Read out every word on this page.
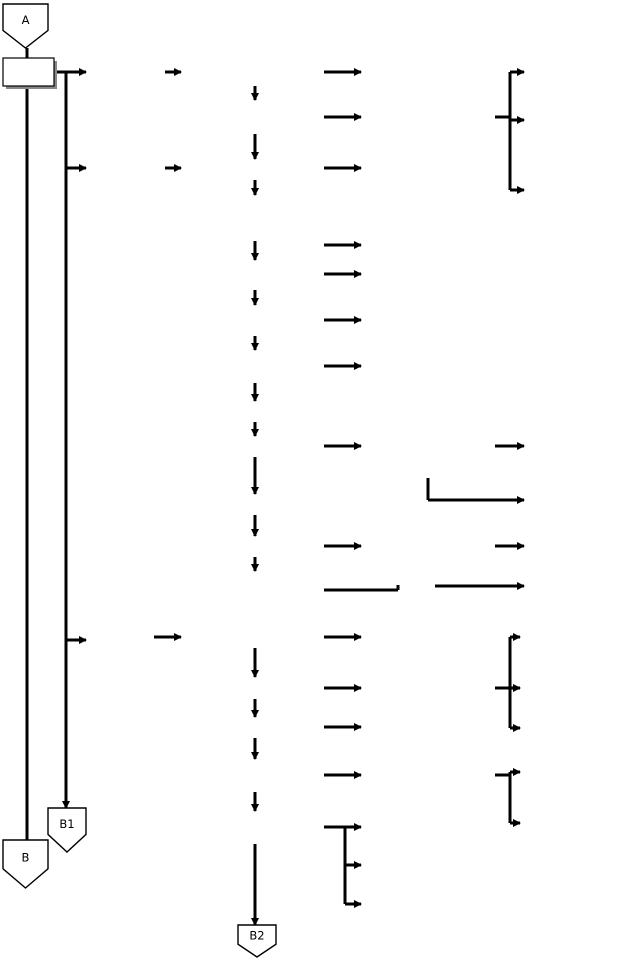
A
B1
B
B2
